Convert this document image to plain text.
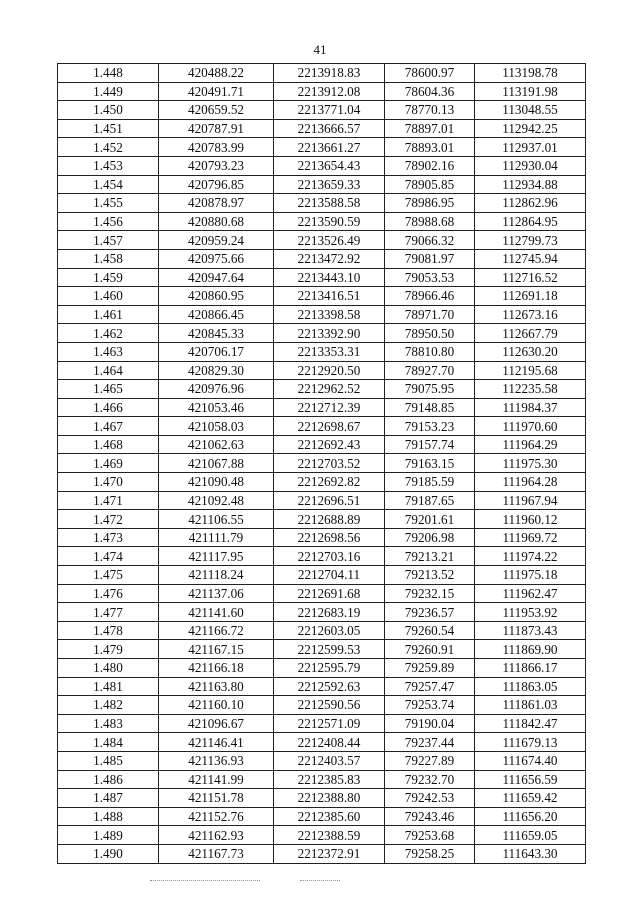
41
1.448	420488.22	2213918.83	78600.97	113198.78
1.449	420491.71	2213912.08	78604.36	113191.98
1.450	420659.52	2213771.04	78770.13	113048.55
1.451	420787.91	2213666.57	78897.01	112942.25
1.452	420783.99	2213661.27	78893.01	112937.01
1.453	420793.23	2213654.43	78902.16	112930.04
1.454	420796.85	2213659.33	78905.85	112934.88
1.455	420878.97	2213588.58	78986.95	112862.96
1.456	420880.68	2213590.59	78988.68	112864.95
1.457	420959.24	2213526.49	79066.32	112799.73
1.458	420975.66	2213472.92	79081.97	112745.94
1.459	420947.64	2213443.10	79053.53	112716.52
1.460	420860.95	2213416.51	78966.46	112691.18
1.461	420866.45	2213398.58	78971.70	112673.16
1.462	420845.33	2213392.90	78950.50	112667.79
1.463	420706.17	2213353.31	78810.80	112630.20
1.464	420829.30	2212920.50	78927.70	112195.68
1.465	420976.96	2212962.52	79075.95	112235.58
1.466	421053.46	2212712.39	79148.85	111984.37
1.467	421058.03	2212698.67	79153.23	111970.60
1.468	421062.63	2212692.43	79157.74	111964.29
1.469	421067.88	2212703.52	79163.15	111975.30
1.470	421090.48	2212692.82	79185.59	111964.28
1.471	421092.48	2212696.51	79187.65	111967.94
1.472	421106.55	2212688.89	79201.61	111960.12
1.473	421111.79	2212698.56	79206.98	111969.72
1.474	421117.95	2212703.16	79213.21	111974.22
1.475	421118.24	2212704.11	79213.52	111975.18
1.476	421137.06	2212691.68	79232.15	111962.47
1.477	421141.60	2212683.19	79236.57	111953.92
1.478	421166.72	2212603.05	79260.54	111873.43
1.479	421167.15	2212599.53	79260.91	111869.90
1.480	421166.18	2212595.79	79259.89	111866.17
1.481	421163.80	2212592.63	79257.47	111863.05
1.482	421160.10	2212590.56	79253.74	111861.03
1.483	421096.67	2212571.09	79190.04	111842.47
1.484	421146.41	2212408.44	79237.44	111679.13
1.485	421136.93	2212403.57	79227.89	111674.40
1.486	421141.99	2212385.83	79232.70	111656.59
1.487	421151.78	2212388.80	79242.53	111659.42
1.488	421152.76	2212385.60	79243.46	111656.20
1.489	421162.93	2212388.59	79253.68	111659.05
1.490	421167.73	2212372.91	79258.25	111643.30
